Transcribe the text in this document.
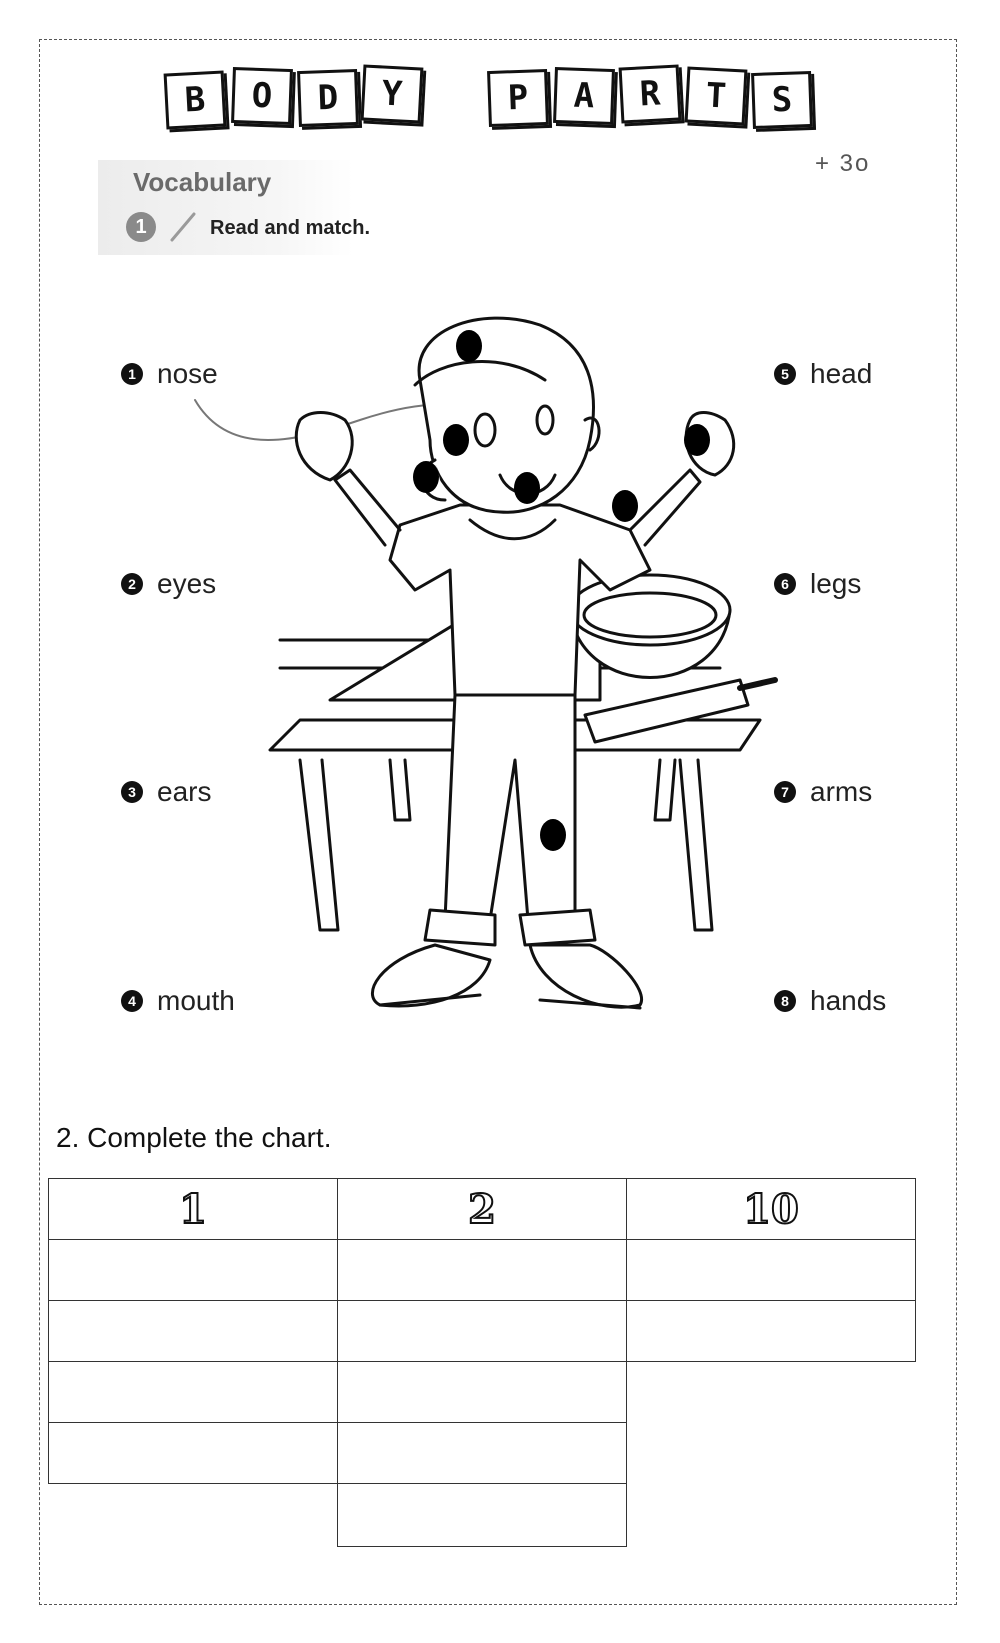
B	O	D	Y	P	A	R	T	S
Vocabulary
1	Read and match.
+ 3o
1 nose
2 eyes
3 ears
4 mouth
5 head
6 legs
7 arms
8 hands
2. Complete the chart.
1	2	10
